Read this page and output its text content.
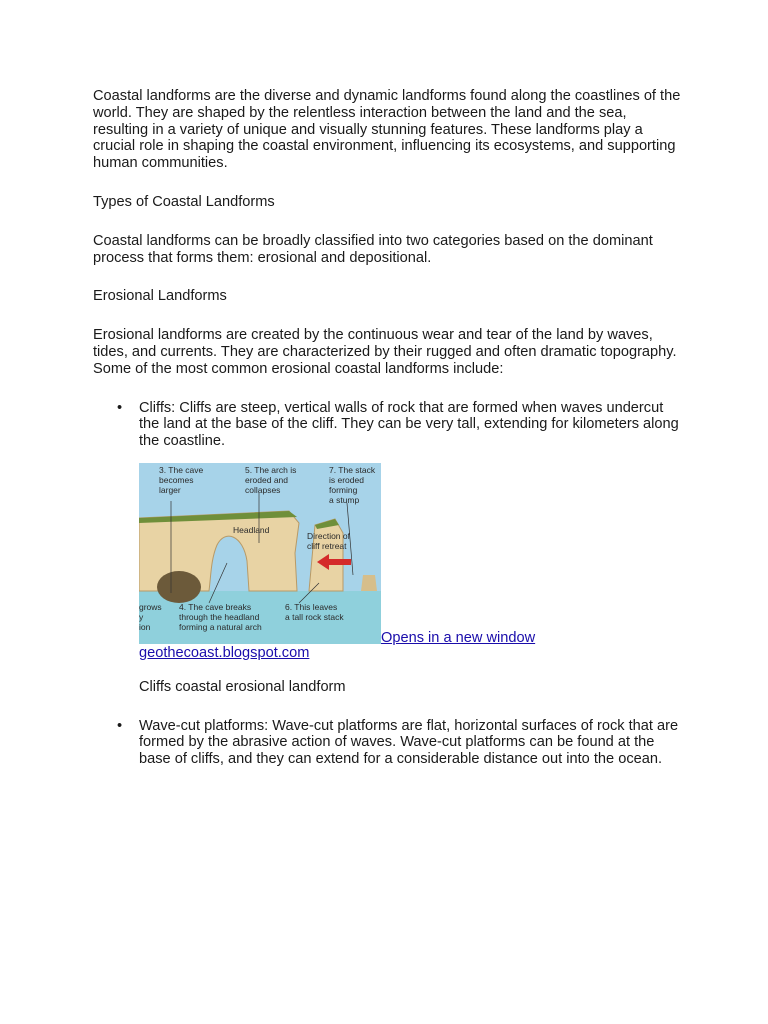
Coastal landforms are the diverse and dynamic landforms found along the coastlines of the world. They are shaped by the relentless interaction between the land and the sea, resulting in a variety of unique and visually stunning features. These landforms play a crucial role in shaping the coastal environment, influencing its ecosystems, and supporting human communities.

Types of Coastal Landforms

Coastal landforms can be broadly classified into two categories based on the dominant process that forms them: erosional and depositional.

Erosional Landforms

Erosional landforms are created by the continuous wear and tear of the land by waves, tides, and currents. They are characterized by their rugged and often dramatic topography. Some of the most common erosional coastal landforms include:

• Cliffs: Cliffs are steep, vertical walls of rock that are formed when waves undercut the land at the base of the cliff. They can be very tall, extending for kilometers along the coastline.
3. The cave
becomes
larger
5. The arch is
eroded and
collapses
7. The stack
is eroded
forming
a stump
Headland
Direction of
cliff retreat
grows
y
ion
4. The cave breaks
through the headland
forming a natural arch
6. This leaves
a tall rock stack
Opens in a new window
geothecoast.blogspot.com

Cliffs coastal erosional landform

• Wave-cut platforms: Wave-cut platforms are flat, horizontal surfaces of rock that are formed by the abrasive action of waves. Wave-cut platforms can be found at the base of cliffs, and they can extend for a considerable distance out into the ocean.
